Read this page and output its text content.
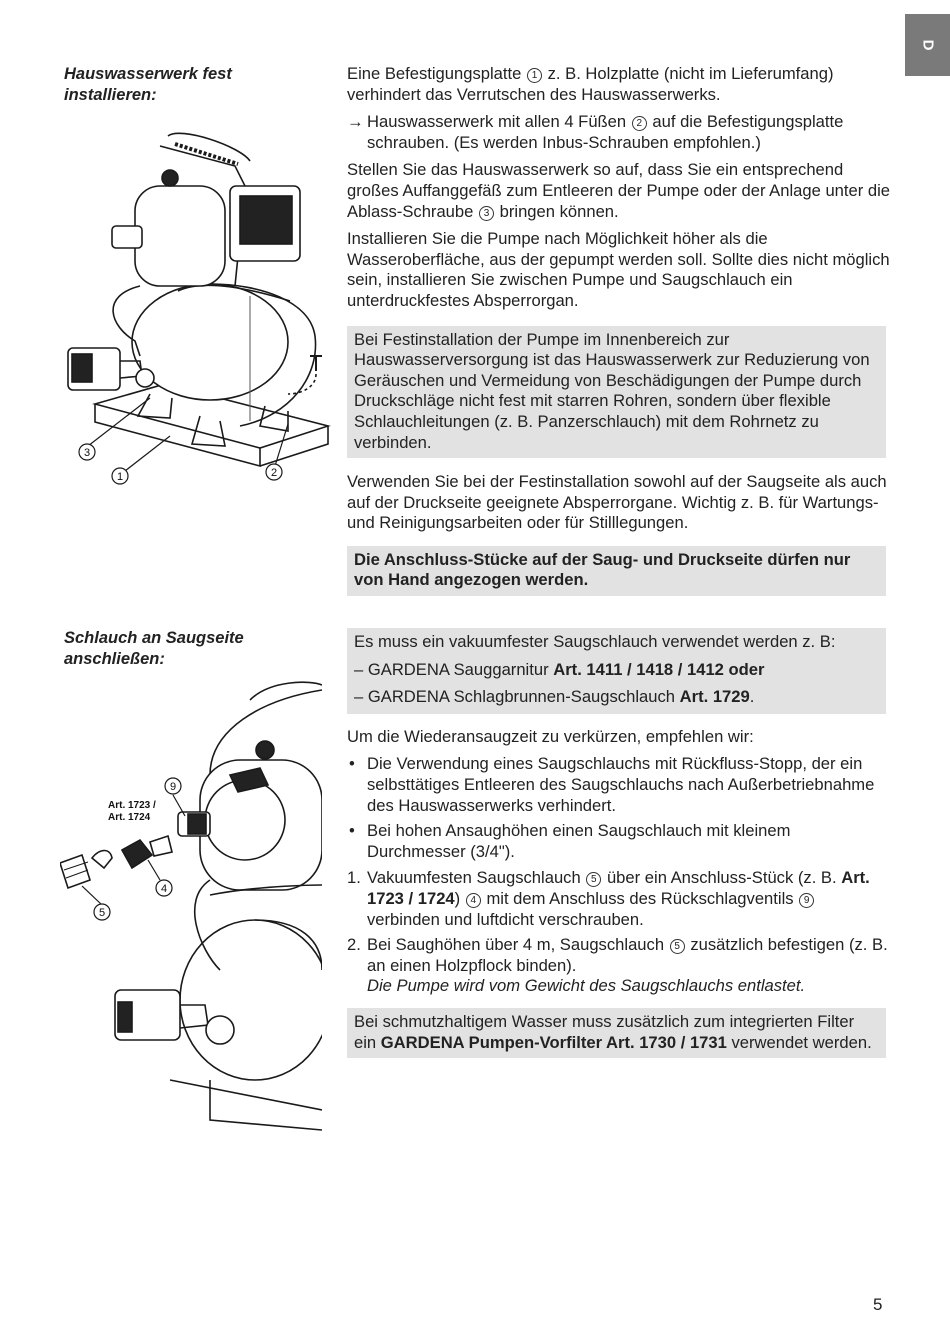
D
Hauswasserwerk fest installieren:
3
1	2

Eine Befestigungsplatte 1 z. B. Holzplatte (nicht im Lieferumfang) verhindert das Verrutschen des Hauswasserwerks.

→ Hauswasserwerk mit allen 4 Füßen 2 auf die Befestigungsplatte schrauben. (Es werden Inbus-Schrauben empfohlen.)

Stellen Sie das Hauswasserwerk so auf, dass Sie ein entsprechend großes Auffanggefäß zum Entleeren der Pumpe oder der Anlage unter die Ablass-Schraube 3 bringen können.

Installieren Sie die Pumpe nach Möglichkeit höher als die Wasseroberfläche, aus der gepumpt werden soll. Sollte dies nicht möglich sein, installieren Sie zwischen Pumpe und Saugschlauch ein unterdruckfestes Absperrorgan.

Bei Festinstallation der Pumpe im Innenbereich zur Hauswasserversorgung ist das Hauswasserwerk zur Reduzierung von Geräuschen und Vermeidung von Beschädigungen der Pumpe durch Druckschläge nicht fest mit starren Rohren, sondern über flexible Schlauchleitungen (z. B. Panzerschlauch) mit dem Rohrnetz zu verbinden.

Verwenden Sie bei der Festinstallation sowohl auf der Saugseite als auch auf der Druckseite geeignete Absperrorgane. Wichtig z. B. für Wartungs- und Reinigungsarbeiten oder für Stilllegungen.

Die Anschluss-Stücke auf der Saug- und Druckseite dürfen nur von Hand angezogen werden.

Schlauch an Saugseite anschließen:
9
4
5
Art. 1723 /
Art. 1724

Es muss ein vakuumfester Saugschlauch verwendet werden z. B:

– GARDENA Sauggarnitur Art. 1411 / 1418 / 1412 oder

– GARDENA Schlagbrunnen-Saugschlauch Art. 1729.

Um die Wiederansaugzeit zu verkürzen, empfehlen wir:

• Die Verwendung eines Saugschlauchs mit Rückfluss-Stopp, der ein selbsttätiges Entleeren des Saugschlauchs nach Außerbetriebnahme des Hauswasserwerks verhindert.
• Bei hohen Ansaughöhen einen Saugschlauch mit kleinem Durchmesser (3/4").
1. Vakuumfesten Saugschlauch 5 über ein Anschluss-Stück (z. B. Art. 1723 / 1724) 4 mit dem Anschluss des Rückschlagventils 9 verbinden und luftdicht verschrauben.
2. Bei Saughöhen über 4 m, Saugschlauch 5 zusätzlich befestigen (z. B. an einen Holzpflock binden).
Die Pumpe wird vom Gewicht des Saugschlauchs entlastet.

Bei schmutzhaltigem Wasser muss zusätzlich zum integrierten Filter ein GARDENA Pumpen-Vorfilter Art. 1730 / 1731 verwendet werden.

5
